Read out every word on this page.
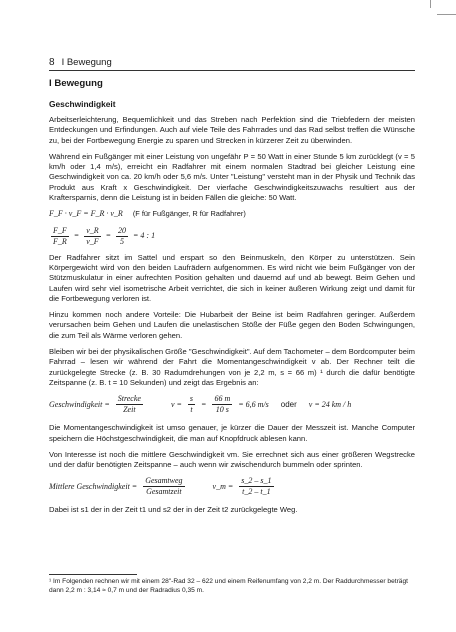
8 I Bewegung
I Bewegung
Geschwindigkeit

Arbeitserleichterung, Bequemlichkeit und das Streben nach Perfektion sind die Triebfedern der meisten Entdeckungen und Erfindungen. Auch auf viele Teile des Fahrrades und das Rad selbst treffen die Wünsche zu, bei der Fortbewegung Energie zu sparen und Strecken in kürzerer Zeit zu überwinden.

Während ein Fußgänger mit einer Leistung von ungefähr P = 50 Watt in einer Stunde 5 km zurücklegt (v = 5 km/h oder 1,4 m/s), erreicht ein Radfahrer mit einem normalen Stadtrad bei gleicher Leistung eine Geschwindigkeit von ca. 20 km/h oder 5,6 m/s. Unter "Leistung" versteht man in der Physik und Technik das Produkt aus Kraft x Geschwindigkeit. Der vierfache Geschwindigkeitszuwachs resultiert aus der Kraftersparnis, denn die Leistung ist in beiden Fällen die gleiche: 50 Watt.

F_F · v_F = F_R · v_R (F für Fußgänger, R für Radfahrer)
$\frac{F\_F}{F\_R} = \frac{v\_R}{v\_F} = \frac{20}{5} = 4$ : 1

Der Radfahrer sitzt im Sattel und erspart so den Beinmuskeln, den Körper zu unterstützen. Sein Körpergewicht wird von den beiden Laufrädern aufgenommen. Es wird nicht wie beim Fußgänger von der Stützmuskulatur in einer aufrechten Position gehalten und dauernd auf und ab bewegt. Beim Gehen und Laufen wird sehr viel isometrische Arbeit verrichtet, die sich in keiner äußeren Wirkung zeigt und damit für die Fortbewegung verloren ist.

Hinzu kommen noch andere Vorteile: Die Hubarbeit der Beine ist beim Radfahren geringer. Außerdem verursachen beim Gehen und Laufen die unelastischen Stöße der Füße gegen den Boden Schwingungen, die zum Teil als Wärme verloren gehen.

Bleiben wir bei der physikalischen Größe "Geschwindigkeit". Auf dem Tachometer – dem Bordcomputer beim Fahrrad – lesen wir während der Fahrt die Momentangeschwindigkeit v ab. Der Rechner teilt die zurückgelegte Strecke (z. B. 30 Radumdrehungen von je 2,2 m, s = 66 m) ¹ durch die dafür benötigte Zeitspanne (z. B. t = 10 Sekunden) und zeigt das Ergebnis an:

Geschwindigkeit = $\frac{\text{Strecke}}{\text{Zeit}}$	$v = \frac{s}{t} = \frac{66 m}{10 s} = 6,6$ m/s oder v = 24 km / h

Die Momentangeschwindigkeit ist umso genauer, je kürzer die Dauer der Messzeit ist. Manche Computer speichern die Höchstgeschwindigkeit, die man auf Knopfdruck ablesen kann.

Von Interesse ist noch die mittlere Geschwindigkeit vm. Sie errechnet sich aus einer größeren Wegstrecke und der dafür benötigten Zeitspanne – auch wenn wir zwischendurch bummeln oder sprinten.

Mittlere Geschwindigkeit = $\frac{\text{Gesamtweg}}{\text{Gesamtzeit}}$	v_m = $\frac{s\_2 - s\_1}{t\_2 - t\_1}$

Dabei ist s1 der in der Zeit t1 und s2 der in der Zeit t2 zurückgelegte Weg.

¹ Im Folgenden rechnen wir mit einem 28"-Rad 32 – 622 und einem Reifenumfang von 2,2 m. Der Raddurchmesser beträgt dann 2,2 m : 3,14 ≈ 0,7 m und der Radradius 0,35 m.
